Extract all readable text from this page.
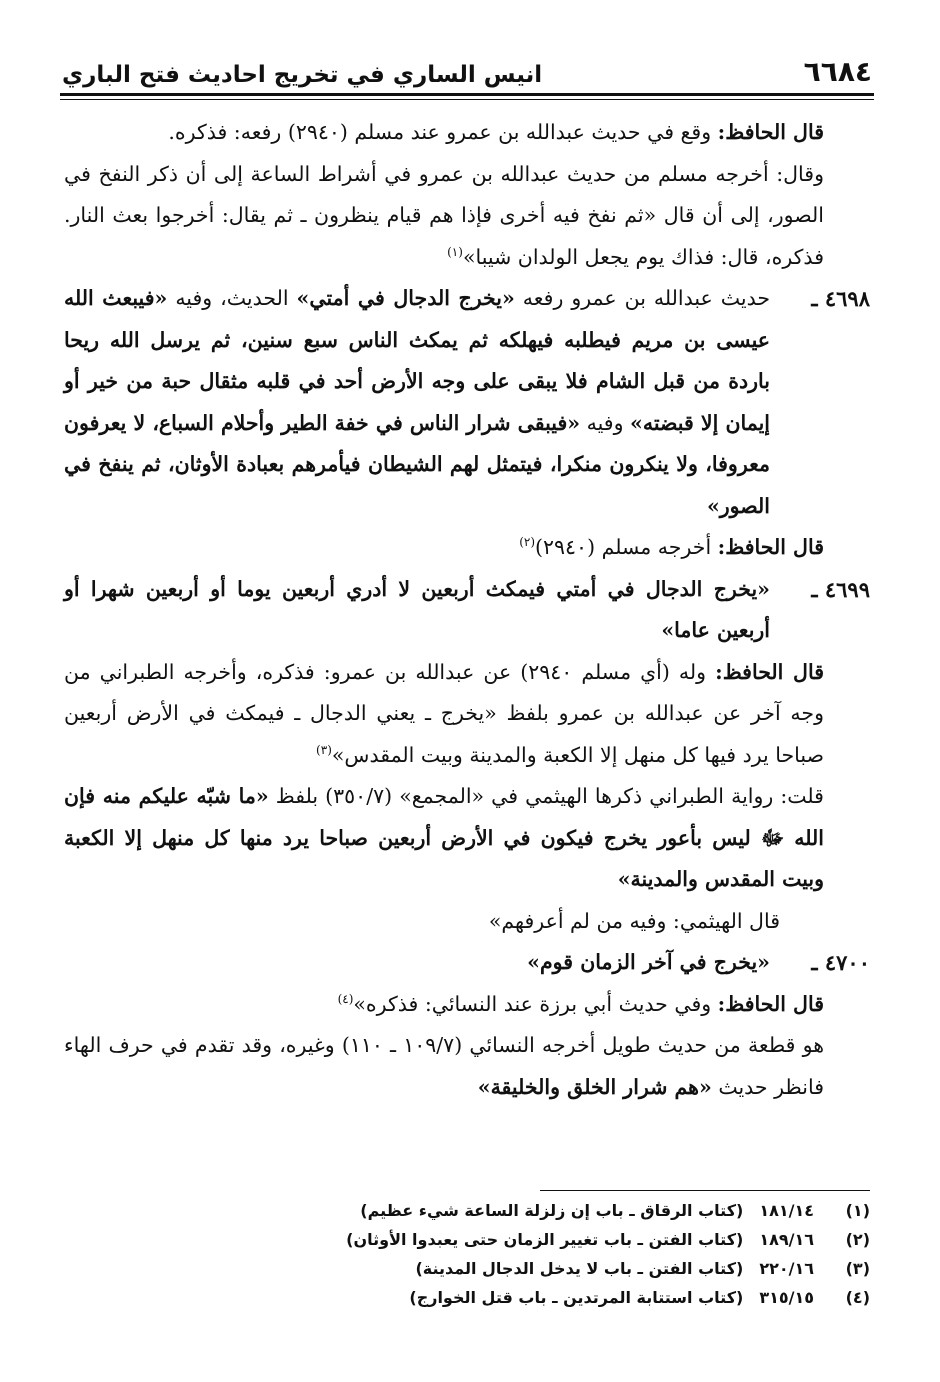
٦٦٨٤
انيس الساري في تخريج احاديث فتح الباري

قال الحافظ: وقع في حديث عبدالله بن عمرو عند مسلم (٢٩٤٠) رفعه: فذكره.

وقال: أخرجه مسلم من حديث عبدالله بن عمرو في أشراط الساعة إلى أن ذكر النفخ في الصور، إلى أن قال «ثم نفخ فيه أخرى فإذا هم قيام ينظرون ـ ثم يقال: أخرجوا بعث النار. فذكره، قال: فذاك يوم يجعل الولدان شيبا»$^{(١)}$

٤٦٩٨ ـ
حديث عبدالله بن عمرو رفعه «يخرج الدجال في أمتي» الحديث، وفيه «فيبعث الله عيسى بن مريم فيطلبه فيهلكه ثم يمكث الناس سبع سنين، ثم يرسل الله ريحا باردة من قبل الشام فلا يبقى على وجه الأرض أحد في قلبه مثقال حبة من خير أو إيمان إلا قبضته» وفيه «فيبقى شرار الناس في خفة الطير وأحلام السباع، لا يعرفون معروفا، ولا ينكرون منكرا، فيتمثل لهم الشيطان فيأمرهم بعبادة الأوثان، ثم ينفخ في الصور»

قال الحافظ: أخرجه مسلم (٢٩٤٠)$^{(٢)}$

٤٦٩٩ ـ
«يخرج الدجال في أمتي فيمكث أربعين لا أدري أربعين يوما أو أربعين شهرا أو أربعين عاما»

قال الحافظ: وله (أي مسلم ٢٩٤٠) عن عبدالله بن عمرو: فذكره، وأخرجه الطبراني من وجه آخر عن عبدالله بن عمرو بلفظ «يخرج ـ يعني الدجال ـ فيمكث في الأرض أربعين صباحا يرد فيها كل منهل إلا الكعبة والمدينة وبيت المقدس»$^{(٣)}$

قلت: رواية الطبراني ذكرها الهيثمي في «المجمع» (٣٥٠/٧) بلفظ «ما شبّه عليكم منه فإن الله ﷻ ليس بأعور يخرج فيكون في الأرض أربعين صباحا يرد منها كل منهل إلا الكعبة وبيت المقدس والمدينة»

قال الهيثمي: وفيه من لم أعرفهم»

٤٧٠٠ ـ
«يخرج في آخر الزمان قوم»

قال الحافظ: وفي حديث أبي برزة عند النسائي: فذكره»$^{(٤)}$

هو قطعة من حديث طويل أخرجه النسائي (١٠٩/٧ ـ ١١٠) وغيره، وقد تقدم في حرف الهاء فانظر حديث «هم شرار الخلق والخليقة»

(١)
١٨١/١٤
(كتاب الرقاق ـ باب إن زلزلة الساعة شيء عظيم)
(٢)
١٨٩/١٦
(كتاب الفتن ـ باب تغيير الزمان حتى يعبدوا الأوثان)
(٣)
٢٢٠/١٦
(كتاب الفتن ـ باب لا يدخل الدجال المدينة)
(٤)
٣١٥/١٥
(كتاب استتابة المرتدين ـ باب قتل الخوارج)
